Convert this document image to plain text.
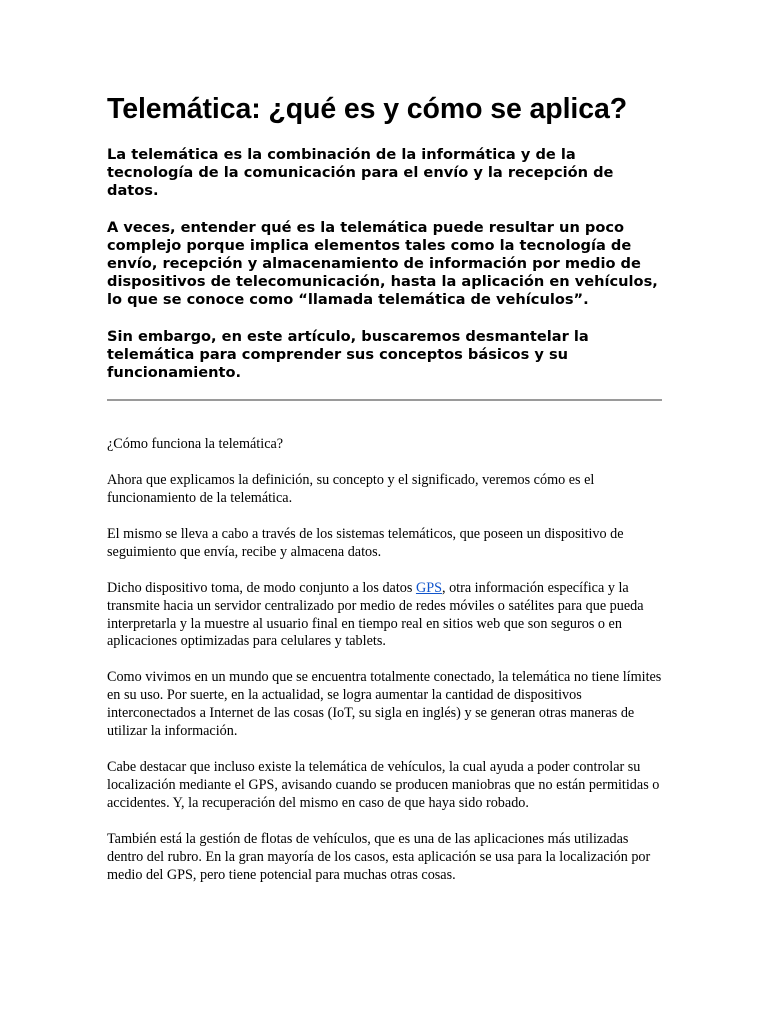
Telemática: ¿qué es y cómo se aplica?

La telemática es la combinación de la informática y de la tecnología de la comunicación para el envío y la recepción de datos.

A veces, entender qué es la telemática puede resultar un poco complejo porque implica elementos tales como la tecnología de envío, recepción y almacenamiento de información por medio de dispositivos de telecomunicación, hasta la aplicación en vehículos, lo que se conoce como “llamada telemática de vehículos”.

Sin embargo, en este artículo, buscaremos desmantelar la telemática para comprender sus conceptos básicos y su funcionamiento.

¿Cómo funciona la telemática?

Ahora que explicamos la definición, su concepto y el significado, veremos cómo es el funcionamiento de la telemática.

El mismo se lleva a cabo a través de los sistemas telemáticos, que poseen un dispositivo de seguimiento que envía, recibe y almacena datos.

Dicho dispositivo toma, de modo conjunto a los datos GPS, otra información específica y la transmite hacia un servidor centralizado por medio de redes móviles o satélites para que pueda interpretarla y la muestre al usuario final en tiempo real en sitios web que son seguros o en aplicaciones optimizadas para celulares y tablets.

Como vivimos en un mundo que se encuentra totalmente conectado, la telemática no tiene límites en su uso. Por suerte, en la actualidad, se logra aumentar la cantidad de dispositivos interconectados a Internet de las cosas (IoT, su sigla en inglés) y se generan otras maneras de utilizar la información.

Cabe destacar que incluso existe la telemática de vehículos, la cual ayuda a poder controlar su localización mediante el GPS, avisando cuando se producen maniobras que no están permitidas o accidentes. Y, la recuperación del mismo en caso de que haya sido robado.

También está la gestión de flotas de vehículos, que es una de las aplicaciones más utilizadas dentro del rubro. En la gran mayoría de los casos, esta aplicación se usa para la localización por medio del GPS, pero tiene potencial para muchas otras cosas.
